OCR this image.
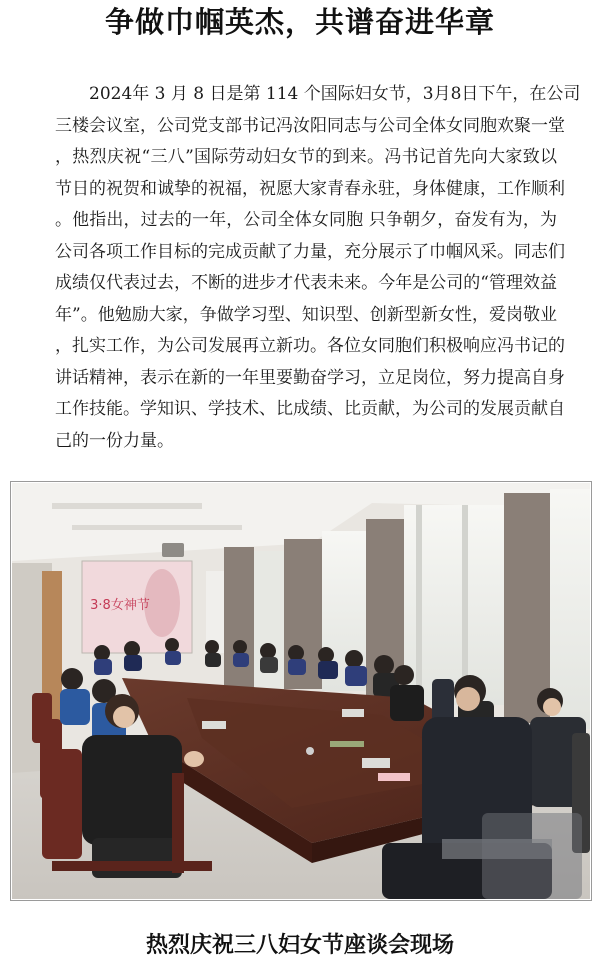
争做巾帼英杰，共谱奋进华章
2024年 3 月 8 日是第 114 个国际妇女节，3月8日下午，在公司
三楼会议室，公司党支部书记冯汝阳同志与公司全体女同胞欢聚一堂
，热烈庆祝“三八”国际劳动妇女节的到来。冯书记首先向大家致以
节日的祝贺和诚挚的祝福，祝愿大家青春永驻，身体健康，工作顺利
。他指出，过去的一年，公司全体女同胞 只争朝夕，奋发有为，为
公司各项工作目标的完成贡献了力量，充分展示了巾帼风采。同志们
成绩仅代表过去，不断的进步才代表未来。今年是公司的“管理效益
年”。他勉励大家，争做学习型、知识型、创新型新女性，爱岗敬业
，扎实工作，为公司发展再立新功。各位女同胞们积极响应冯书记的
讲话精神，表示在新的一年里要勤奋学习，立足岗位，努力提高自身
工作技能。学知识、学技术、比成绩、比贡献，为公司的发展贡献自
己的一份力量。
3·8女神节
热烈庆祝三八妇女节座谈会现场
